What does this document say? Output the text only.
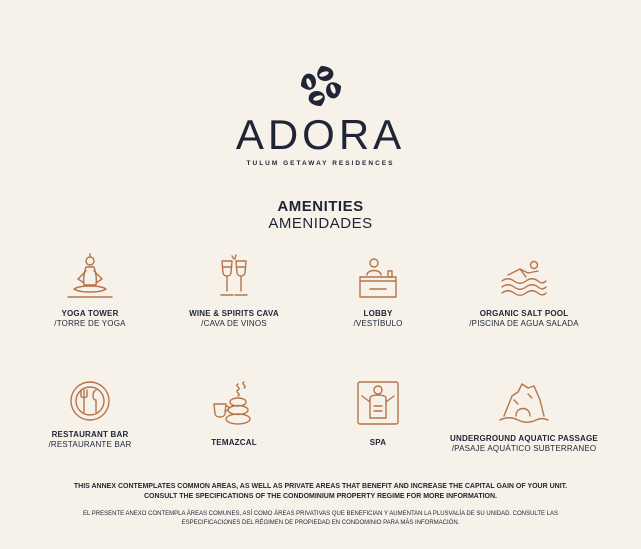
ADORA
TULUM GETAWAY RESIDENCES
AMENITIES
AMENIDADES
YOGA TOWER
/TORRE DE YOGA
WINE & SPIRITS CAVA
/CAVA DE VINOS
LOBBY
/VESTÍBULO
ORGANIC SALT POOL
/PISCINA DE AGUA SALADA
RESTAURANT BAR
/RESTAURANTE BAR	TEMAZCAL	SPA	UNDERGROUND AQUATIC PASSAGE
/PASAJE AQUÁTICO SUBTERRANEO
THIS ANNEX CONTEMPLATES COMMON AREAS, AS WELL AS PRIVATE AREAS THAT BENEFIT AND INCREASE THE CAPITAL GAIN OF YOUR UNIT. CONSULT THE SPECIFICATIONS OF THE CONDOMINIUM PROPERTY REGIME FOR MORE INFORMATION.
EL PRESENTE ANEXO CONTEMPLA ÁREAS COMUNES, ASÍ COMO ÁREAS PRIVATIVAS QUE BENEFICIAN Y AUMENTAN LA PLUSVALÍA DE SU UNIDAD. CONSULTE LAS ESPECIFICACIONES DEL RÉGIMEN DE PROPIEDAD EN CONDOMINIO PARA MÁS INFORMACIÓN.
